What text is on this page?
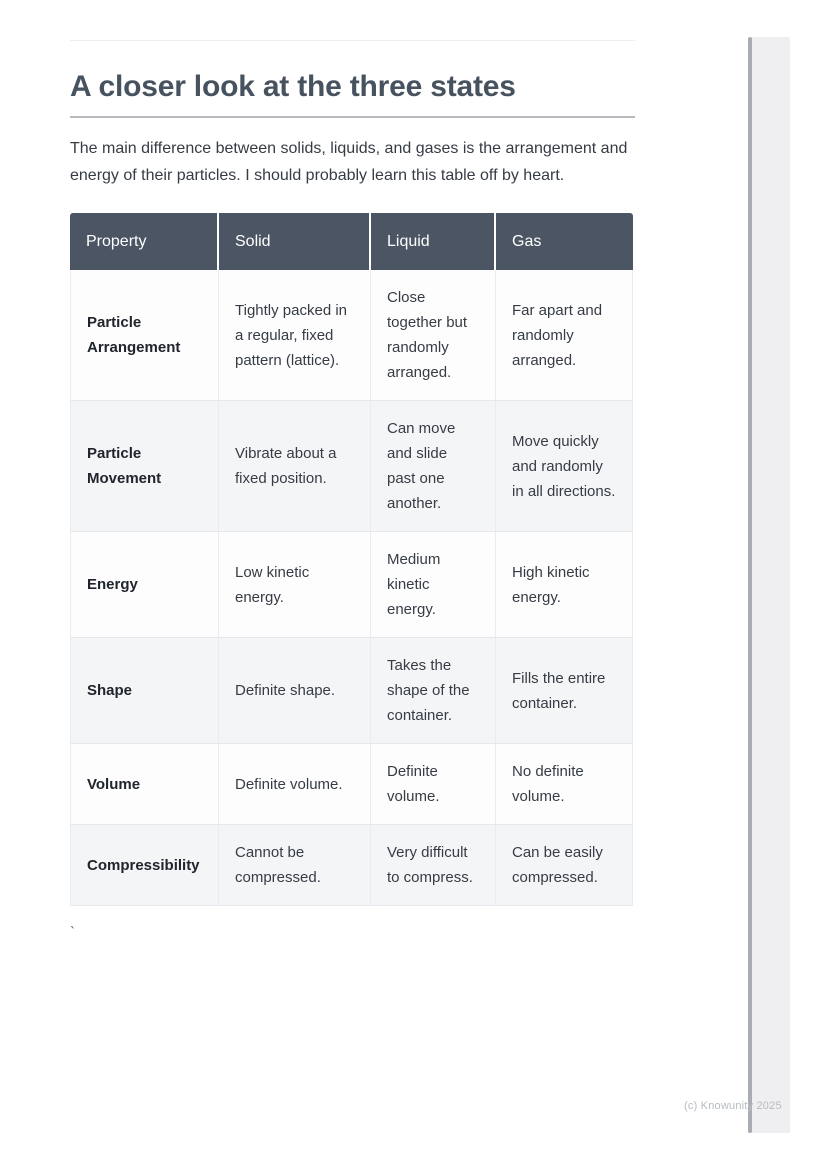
A closer look at the three states

The main difference between solids, liquids, and gases is the arrangement and energy of their particles. I should probably learn this table off by heart.

Property	Solid	Liquid	Gas
Particle Arrangement	Tightly packed in a regular, fixed pattern (lattice).	Close together but randomly arranged.	Far apart and randomly arranged.
Particle Movement	Vibrate about a fixed position.	Can move and slide past one another.	Move quickly and randomly in all directions.
Energy	Low kinetic energy.	Medium kinetic energy.	High kinetic energy.
Shape	Definite shape.	Takes the shape of the container.	Fills the entire container.
Volume	Definite volume.	Definite volume.	No definite volume.
Compressibility	Cannot be compressed.	Very difficult to compress.	Can be easily compressed.
`
(c) Knowunity 2025
